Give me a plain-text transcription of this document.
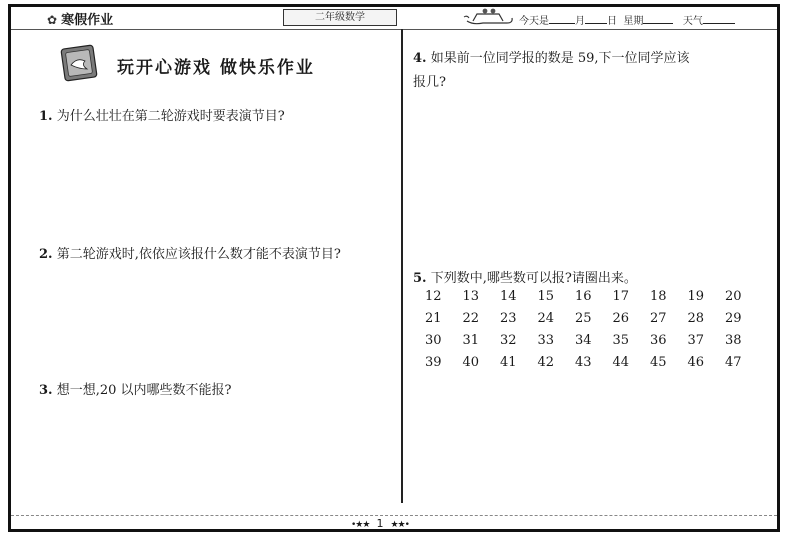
✿ 寒假作业	二年级数学	今天是	月 日 星期	天气
玩开心游戏 做快乐作业
1. 为什么壮壮在第二轮游戏时要表演节目?
2. 第二轮游戏时,依依应该报什么数才能不表演节目?
3. 想一想,20 以内哪些数不能报?
4. 如果前一位同学报的数是 59,下一位同学应该
报几?
5. 下列数中,哪些数可以报?请圈出来。
12	13	14	15	16	17	18	19	20
21	22	23	24	25	26	27	28	29
30	31	32	33	34	35	36	37	38
39	40	41	42	43	44	45	46	47
•★★ 1 ★★•
